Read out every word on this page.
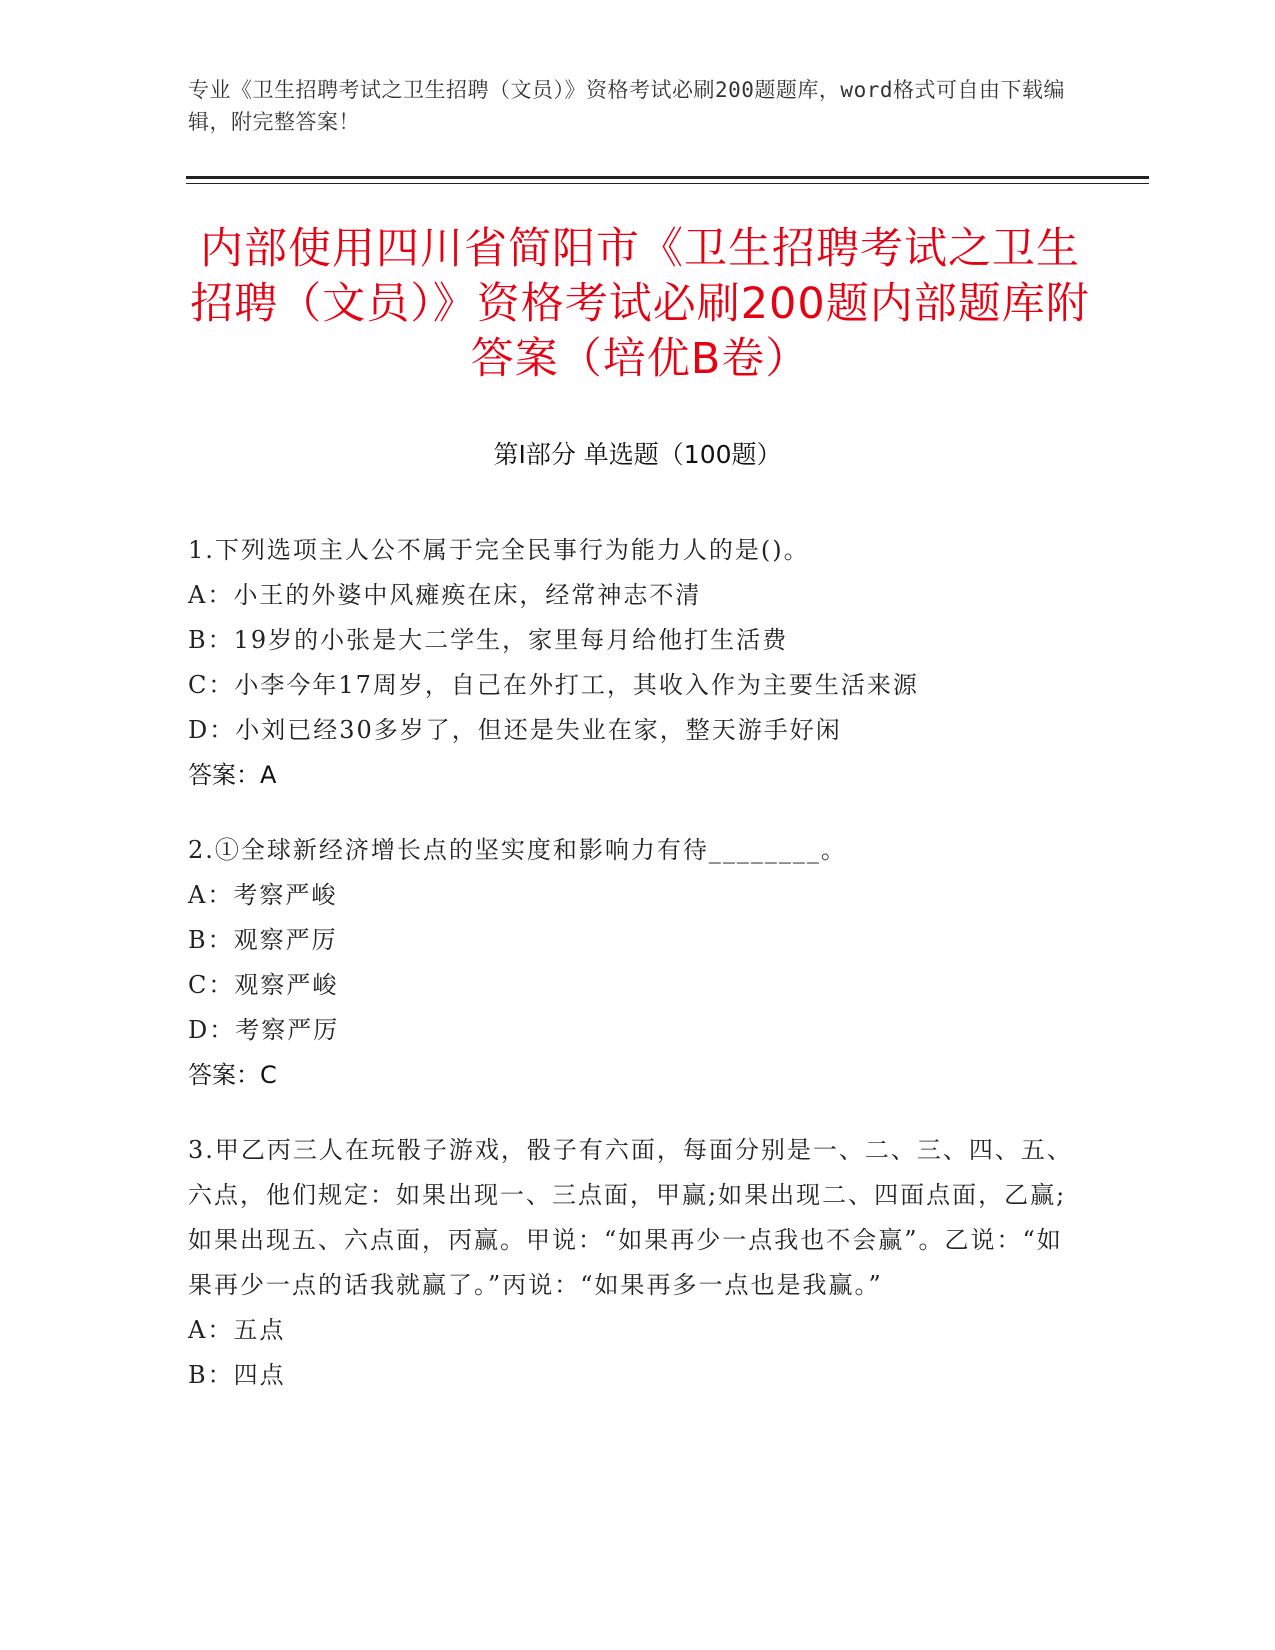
专业《卫生招聘考试之卫生招聘（文员）》资格考试必刷200题题库，word格式可自由下载编辑，附完整答案！
内部使用四川省简阳市《卫生招聘考试之卫生招聘（文员）》资格考试必刷200题内部题库附答案（培优B卷）
第Ⅰ部分 单选题（100题）
1.下列选项主人公不属于完全民事行为能力人的是()。
A：小王的外婆中风瘫痪在床，经常神志不清
B：19岁的小张是大二学生，家里每月给他打生活费
C：小李今年17周岁，自己在外打工，其收入作为主要生活来源
D：小刘已经30多岁了，但还是失业在家，整天游手好闲
答案：A
2.①全球新经济增长点的坚实度和影响力有待________。
A：考察严峻
B：观察严厉
C：观察严峻
D：考察严厉
答案：C
3.甲乙丙三人在玩骰子游戏，骰子有六面，每面分别是一、二、三、四、五、六点，他们规定：如果出现一、三点面，甲赢;如果出现二、四面点面，乙赢;如果出现五、六点面，丙赢。甲说：“如果再少一点我也不会赢”。乙说：“如果再少一点的话我就赢了。”丙说：“如果再多一点也是我赢。”
A：五点
B：四点
